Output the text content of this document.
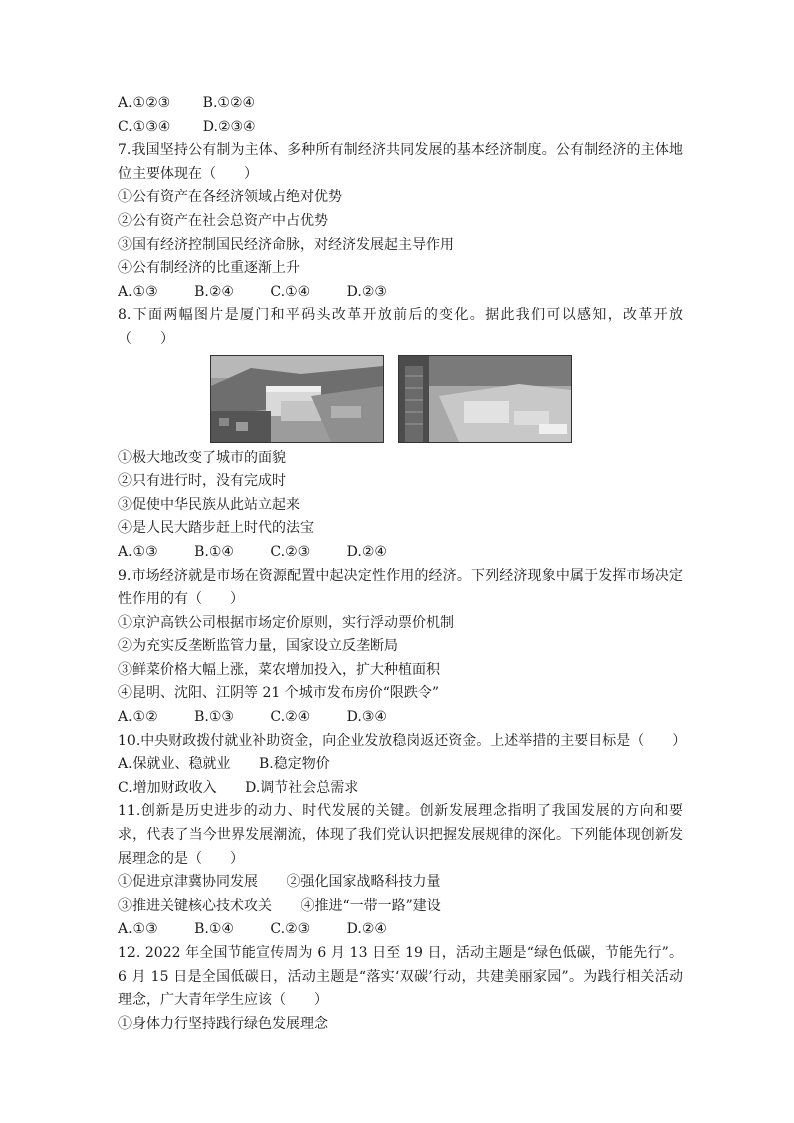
A.①②③ B.①②④
C.①③④ D.②③④
7.我国坚持公有制为主体、多种所有制经济共同发展的基本经济制度。公有制经济的主体地位主要体现在（　　）
①公有资产在各经济领域占绝对优势
②公有资产在社会总资产中占优势
③国有经济控制国民经济命脉，对经济发展起主导作用
④公有制经济的比重逐渐上升
A.①③	B.②④	C.①④	D.②③
8.下面两幅图片是厦门和平码头改革开放前后的变化。据此我们可以感知，改革开放（　　）
①极大地改变了城市的面貌
②只有进行时，没有完成时
③促使中华民族从此站立起来
④是人民大踏步赶上时代的法宝
A.①③	B.①④	C.②③	D.②④
9.市场经济就是市场在资源配置中起决定性作用的经济。下列经济现象中属于发挥市场决定性作用的有（　　）
①京沪高铁公司根据市场定价原则，实行浮动票价机制
②为充实反垄断监管力量，国家设立反垄断局
③鲜菜价格大幅上涨，菜农增加投入，扩大种植面积
④昆明、沈阳、江阴等 21 个城市发布房价“限跌令”
A.①②	B.①③	C.②④	D.③④
10.中央财政拨付就业补助资金，向企业发放稳岗返还资金。上述举措的主要目标是（　　）
A.保就业、稳就业 B.稳定物价
C.增加财政收入 D.调节社会总需求
11.创新是历史进步的动力、时代发展的关键。创新发展理念指明了我国发展的方向和要求，代表了当今世界发展潮流，体现了我们党认识把握发展规律的深化。下列能体现创新发展理念的是（　　）
①促进京津冀协同发展 ②强化国家战略科技力量
③推进关键核心技术攻关 ④推进“一带一路”建设
A.①③	B.①④	C.②③	D.②④
12. 2022 年全国节能宣传周为 6 月 13 日至 19 日，活动主题是“绿色低碳，节能先行”。6 月 15 日是全国低碳日，活动主题是“落实‘双碳’行动，共建美丽家园”。为践行相关活动理念，广大青年学生应该（　　）
①身体力行坚持践行绿色发展理念
